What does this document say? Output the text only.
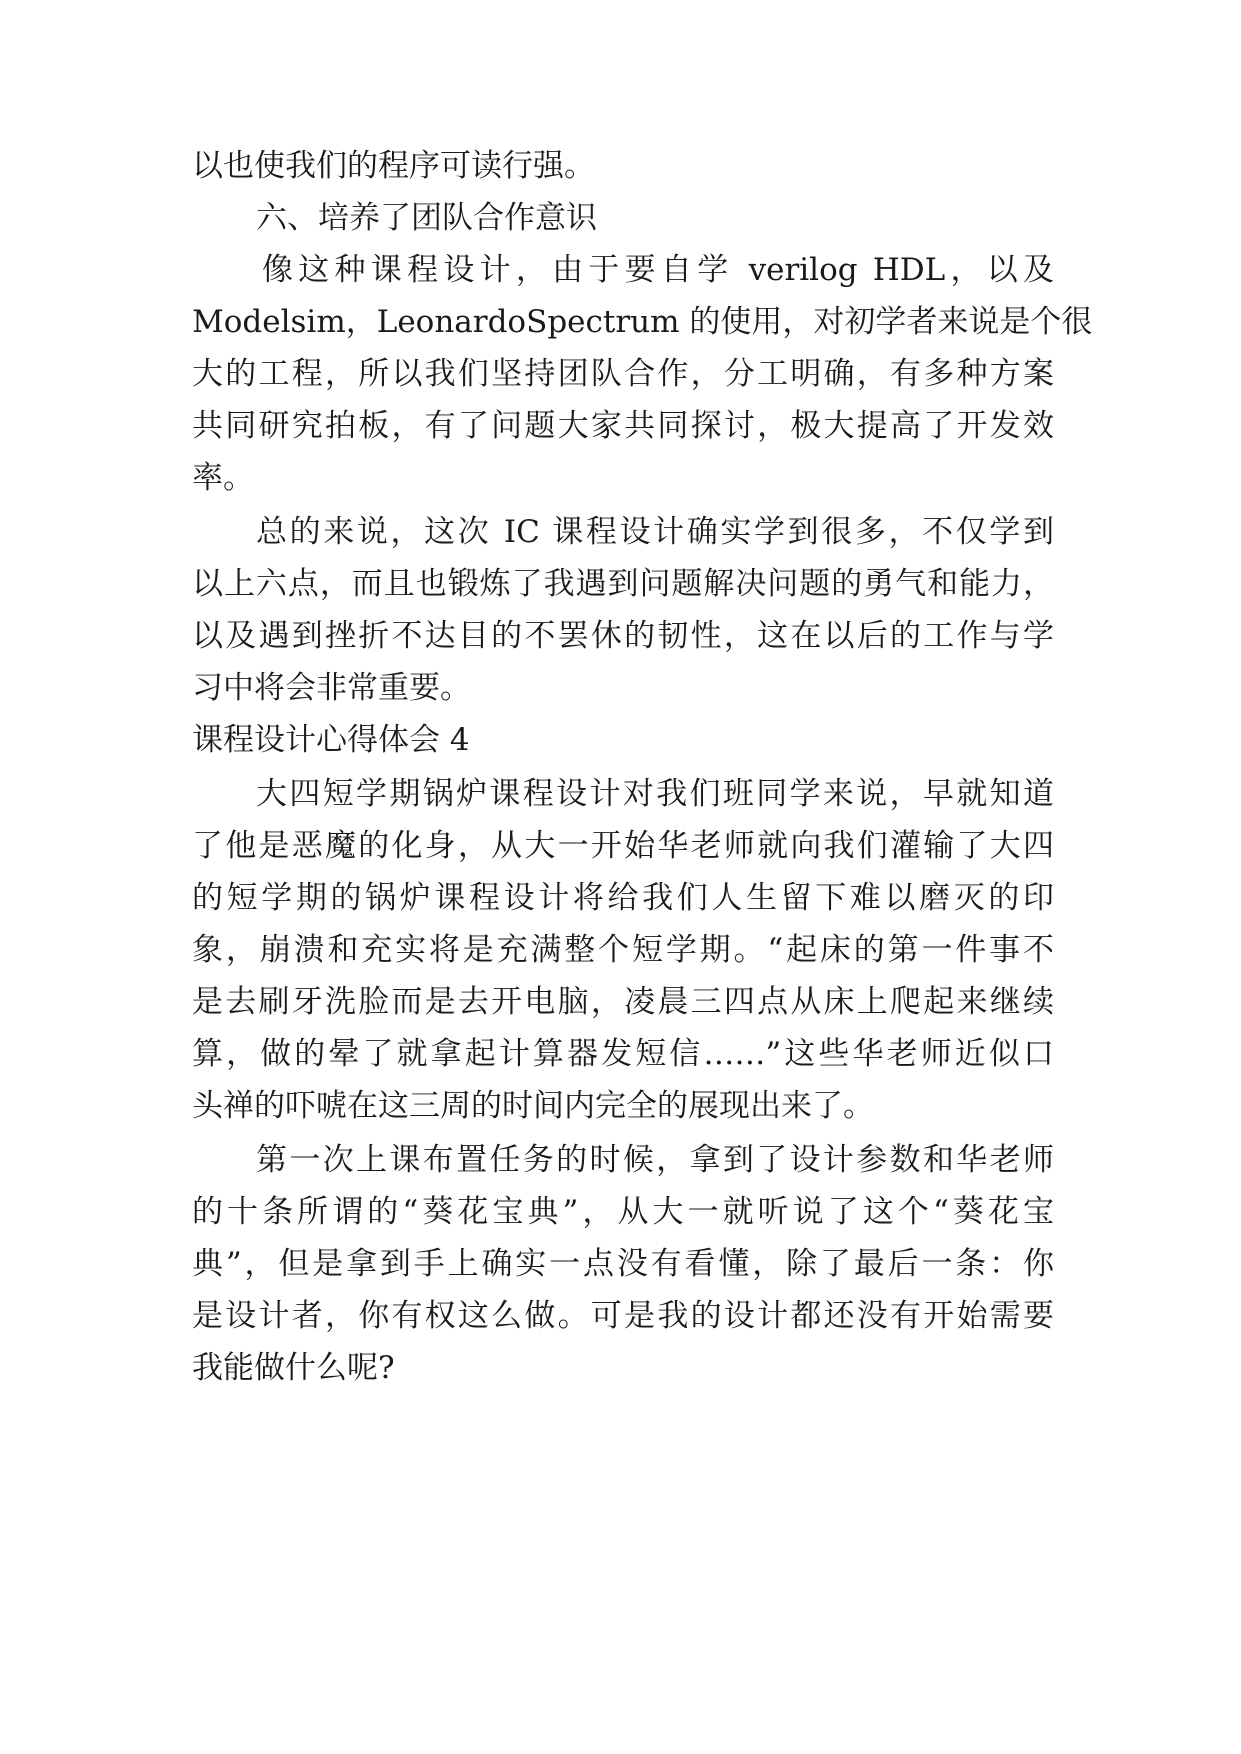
以也使我们的程序可读行强。
六、培养了团队合作意识
像这种课程设计，由于要自学 verilog HDL，以及
Modelsim，LeonardoSpectrum 的使用，对初学者来说是个很
大的工程，所以我们坚持团队合作，分工明确，有多种方案
共同研究拍板，有了问题大家共同探讨，极大提高了开发效
率。
总的来说，这次 IC 课程设计确实学到很多，不仅学到
以上六点，而且也锻炼了我遇到问题解决问题的勇气和能力，
以及遇到挫折不达目的不罢休的韧性，这在以后的工作与学
习中将会非常重要。
课程设计心得体会 4
大四短学期锅炉课程设计对我们班同学来说，早就知道
了他是恶魔的化身，从大一开始华老师就向我们灌输了大四
的短学期的锅炉课程设计将给我们人生留下难以磨灭的印
象，崩溃和充实将是充满整个短学期。“起床的第一件事不
是去刷牙洗脸而是去开电脑，凌晨三四点从床上爬起来继续
算，做的晕了就拿起计算器发短信……”这些华老师近似口
头禅的吓唬在这三周的时间内完全的展现出来了。
第一次上课布置任务的时候，拿到了设计参数和华老师
的十条所谓的“葵花宝典”，从大一就听说了这个“葵花宝
典”，但是拿到手上确实一点没有看懂，除了最后一条：你
是设计者，你有权这么做。可是我的设计都还没有开始需要
我能做什么呢?
